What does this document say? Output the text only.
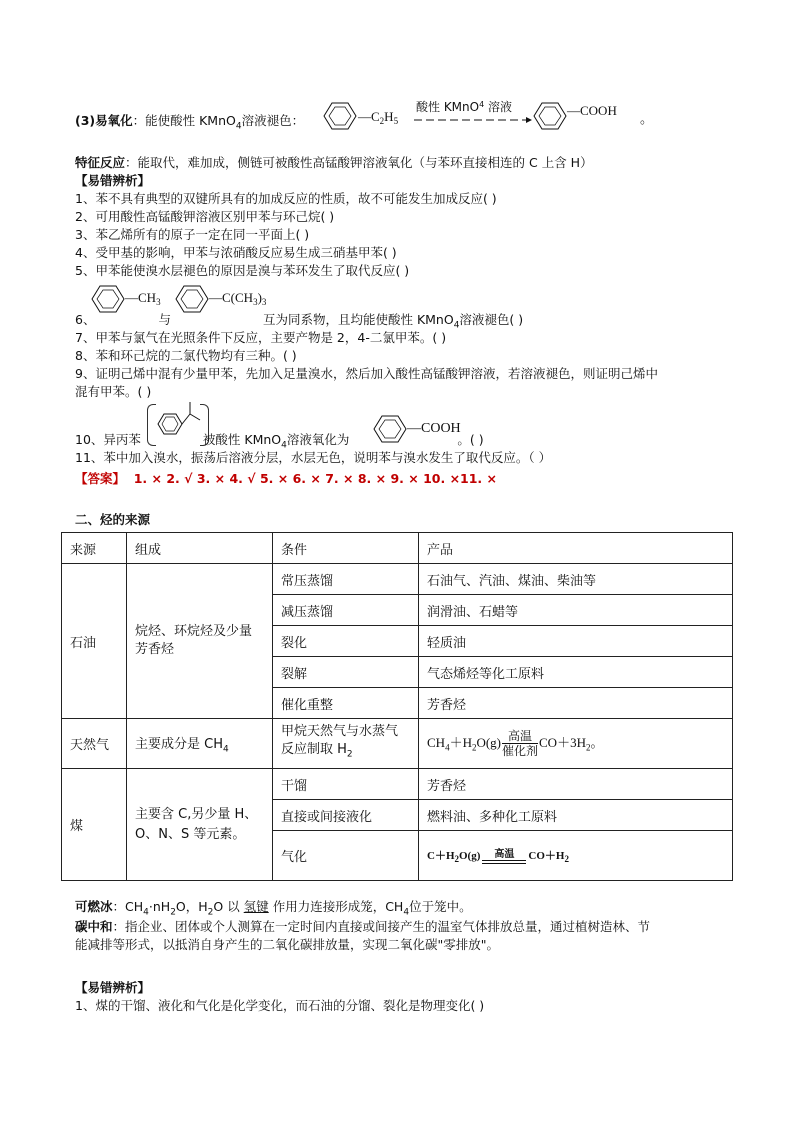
(3)易氧化：能使酸性 KMnO$_4$溶液褪色：	$—C_2H_5$
酸性 KMnO$^4$ 溶液	—COOH
。
特征反应：能取代，难加成，侧链可被酸性高锰酸钾溶液氧化（与苯环直接相连的 C 上含 H）
【易错辨析】
1、苯不具有典型的双键所具有的加成反应的性质，故不可能发生加成反应( )
2、可用酸性高锰酸钾溶液区别甲苯与环己烷( )
3、苯乙烯所有的原子一定在同一平面上( )
4、受甲基的影响，甲苯与浓硝酸反应易生成三硝基甲苯( )
5、甲苯能使溴水层褪色的原因是溴与苯环发生了取代反应( )
$—CH_3$	$—C(CH_3)_3$
6、	与	互为同系物，且均能使酸性 KMnO$_4$溶液褪色( )
7、甲苯与氯气在光照条件下反应，主要产物是 2，4-二氯甲苯。( )
8、苯和环己烷的二氯代物均有三种。( )
9、证明己烯中混有少量甲苯，先加入足量溴水，然后加入酸性高锰酸钾溶液，若溶液褪色，则证明己烯中
混有甲苯。( )
—COOH
10、异丙苯	被酸性 KMnO$_4$溶液氧化为	。( )
11、苯中加入溴水，振荡后溶液分层，水层无色，说明苯与溴水发生了取代反应。（ ）
【答案】 1. × 2. √ 3. × 4. √ 5. × 6. × 7. × 8. × 9. × 10. ×11. ×
二、烃的来源
来源	组成	条件	产品
石油	烷烃、环烷烃及少量芳香烃	常压蒸馏	石油气、汽油、煤油、柴油等
		减压蒸馏	润滑油、石蜡等
		裂化	轻质油
		裂解	气态烯烃等化工原料
		催化重整	芳香烃
天然气	主要成分是 $CH_4$	甲烷天然气与水蒸气反应制取 $H_2$	$CH_4+H_2O(g)$ 高温
催化剂
$CO+3H_2$。
煤	主要含 C,另少量 H、O、N、S 等元素。	干馏	芳香烃
		直接或间接液化	燃料油、多种化工原料
		气化	$C+H_2O(g)$ 高温 $CO+H_2$
可燃冰：$CH_4\cdot nH_2O$，$H_2O$ 以 氢键 作用力连接形成笼，$CH_4$位于笼中。
碳中和：指企业、团体或个人测算在一定时间内直接或间接产生的温室气体排放总量，通过植树造林、节
能减排等形式，以抵消自身产生的二氧化碳排放量，实现二氧化碳"零排放"。
【易错辨析】
1、煤的干馏、液化和气化是化学变化，而石油的分馏、裂化是物理变化( )
